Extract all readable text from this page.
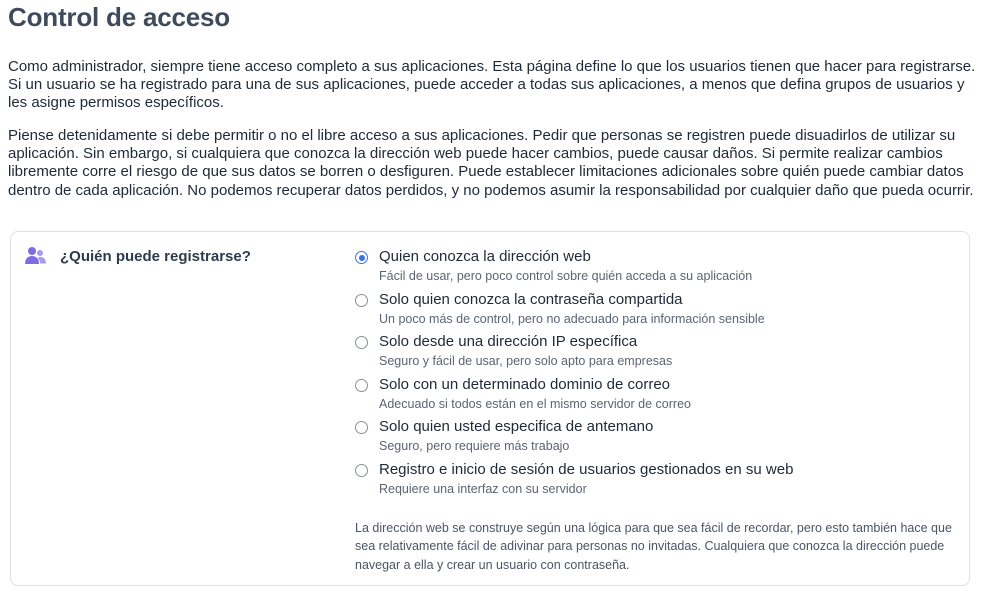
Control de acceso

Como administrador, siempre tiene acceso completo a sus aplicaciones. Esta página define lo que los usuarios tienen que hacer para registrarse. Si un usuario se ha registrado para una de sus aplicaciones, puede acceder a todas sus aplicaciones, a menos que defina grupos de usuarios y les asigne permisos específicos.

Piense detenidamente si debe permitir o no el libre acceso a sus aplicaciones. Pedir que personas se registren puede disuadirlos de utilizar su aplicación. Sin embargo, si cualquiera que conozca la dirección web puede hacer cambios, puede causar daños. Si permite realizar cambios libremente corre el riesgo de que sus datos se borren o desfiguren. Puede establecer limitaciones adicionales sobre quién puede cambiar datos dentro de cada aplicación. No podemos recuperar datos perdidos, y no podemos asumir la responsabilidad por cualquier daño que pueda ocurrir.

¿Quién puede registrarse?	Quien conozca la dirección web
Fácil de usar, pero poco control sobre quién acceda a su aplicación
Solo quien conozca la contraseña compartida
Un poco más de control, pero no adecuado para información sensible
Solo desde una dirección IP específica
Seguro y fácil de usar, pero solo apto para empresas
Solo con un determinado dominio de correo
Adecuado si todos están en el mismo servidor de correo
Solo quien usted especifica de antemano
Seguro, pero requiere más trabajo
Registro e inicio de sesión de usuarios gestionados en su web
Requiere una interfaz con su servidor

La dirección web se construye según una lógica para que sea fácil de recordar, pero esto también hace que sea relativamente fácil de adivinar para personas no invitadas. Cualquiera que conozca la dirección puede navegar a ella y crear un usuario con contraseña.
